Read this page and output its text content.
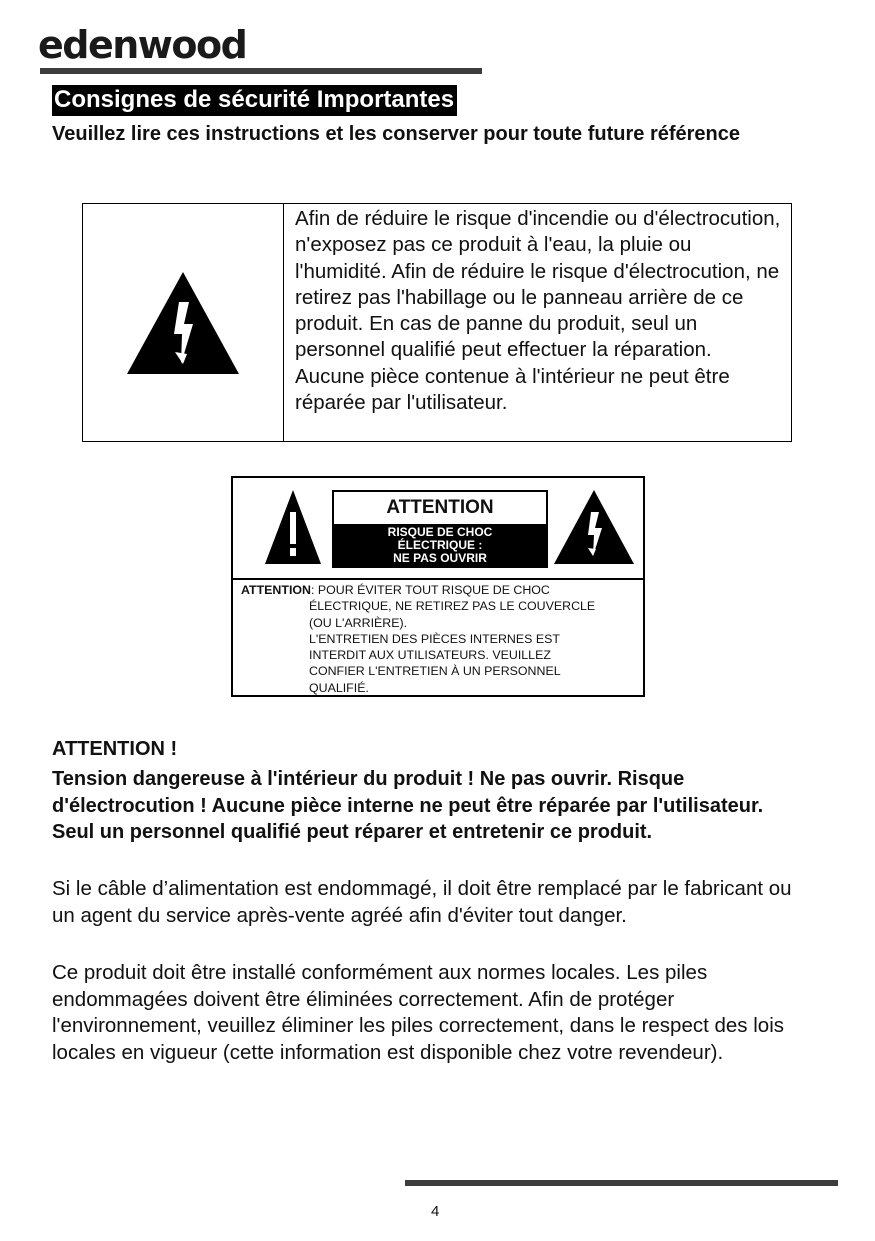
edenwood
Consignes de sécurité Importantes
Veuillez lire ces instructions et les conserver pour toute future référence
Afin de réduire le risque d'incendie ou d'électrocution, n'exposez pas ce produit à l'eau, la pluie ou l'humidité. Afin de réduire le risque d'électrocution, ne retirez pas l'habillage ou le panneau arrière de ce produit. En cas de panne du produit, seul un personnel qualifié peut effectuer la réparation. Aucune pièce contenue à l'intérieur ne peut être réparée par l'utilisateur.
ATTENTION
RISQUE DE CHOC
ÉLECTRIQUE :
NE PAS OUVRIR
ATTENTION: POUR ÉVITER TOUT RISQUE DE CHOC
ÉLECTRIQUE, NE RETIREZ PAS LE COUVERCLE
(OU L'ARRIÈRE).
L'ENTRETIEN DES PIÈCES INTERNES EST
INTERDIT AUX UTILISATEURS. VEUILLEZ
CONFIER L'ENTRETIEN À UN PERSONNEL
QUALIFIÉ.
ATTENTION !
Tension dangereuse à l'intérieur du produit ! Ne pas ouvrir. Risque d'électrocution ! Aucune pièce interne ne peut être réparée par l'utilisateur. Seul un personnel qualifié peut réparer et entretenir ce produit.
Si le câble d’alimentation est endommagé, il doit être remplacé par le fabricant ou un agent du service après-vente agréé afin d'éviter tout danger.
Ce produit doit être installé conformément aux normes locales. Les piles endommagées doivent être éliminées correctement. Afin de protéger l'environnement, veuillez éliminer les piles correctement, dans le respect des lois locales en vigueur (cette information est disponible chez votre revendeur).
4
